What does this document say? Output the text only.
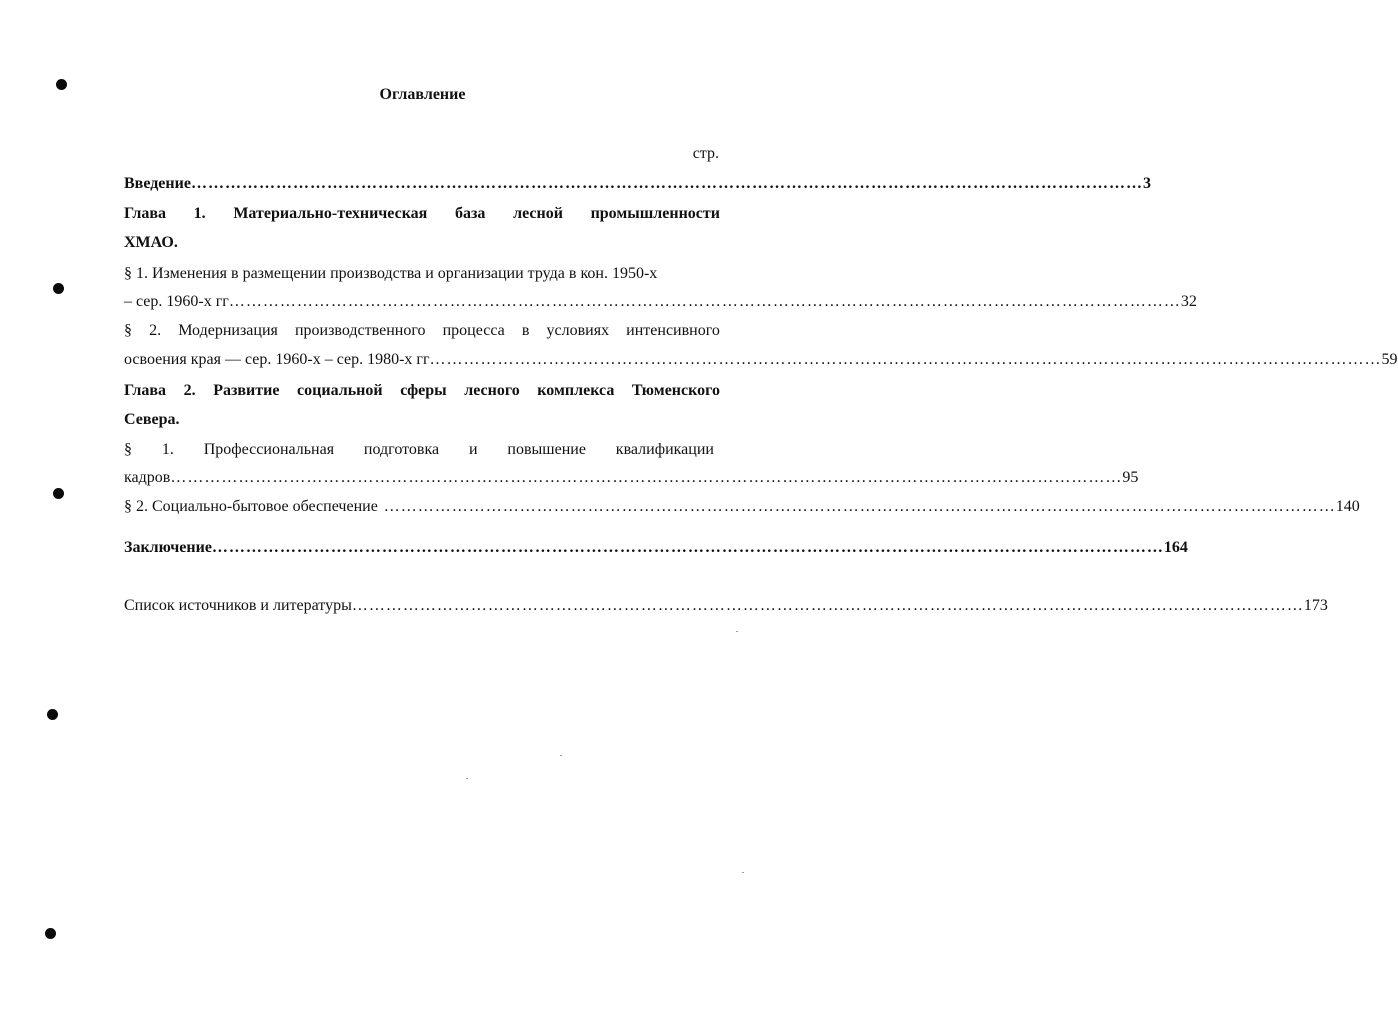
Оглавление
стр.
Введение …………………………………………………………………………………………………………………………………………………… 3
Глава 1. Материально-техническая база лесной промышленности
ХМАО.
§ 1. Изменения в размещении производства и организации труда в кон. 1950-х
– сер. 1960-х гг …………………………………………………………………………………………………………………………………………………… 32
§ 2. Модернизация производственного процесса в условиях интенсивного
освоения края — сер. 1960-х – сер. 1980-х гг …………………………………………………………………………………………………………………………………………………… 59
Глава 2. Развитие социальной сферы лесного комплекса Тюменского
Севера.
§ 1. Профессиональная подготовка и повышение квалификации
кадров …………………………………………………………………………………………………………………………………………………… 95
§ 2. Социально-бытовое обеспечение …………………………………………………………………………………………………………………………………………………… 140
Заключение …………………………………………………………………………………………………………………………………………………… 164
Список источников и литературы …………………………………………………………………………………………………………………………………………………… 173
